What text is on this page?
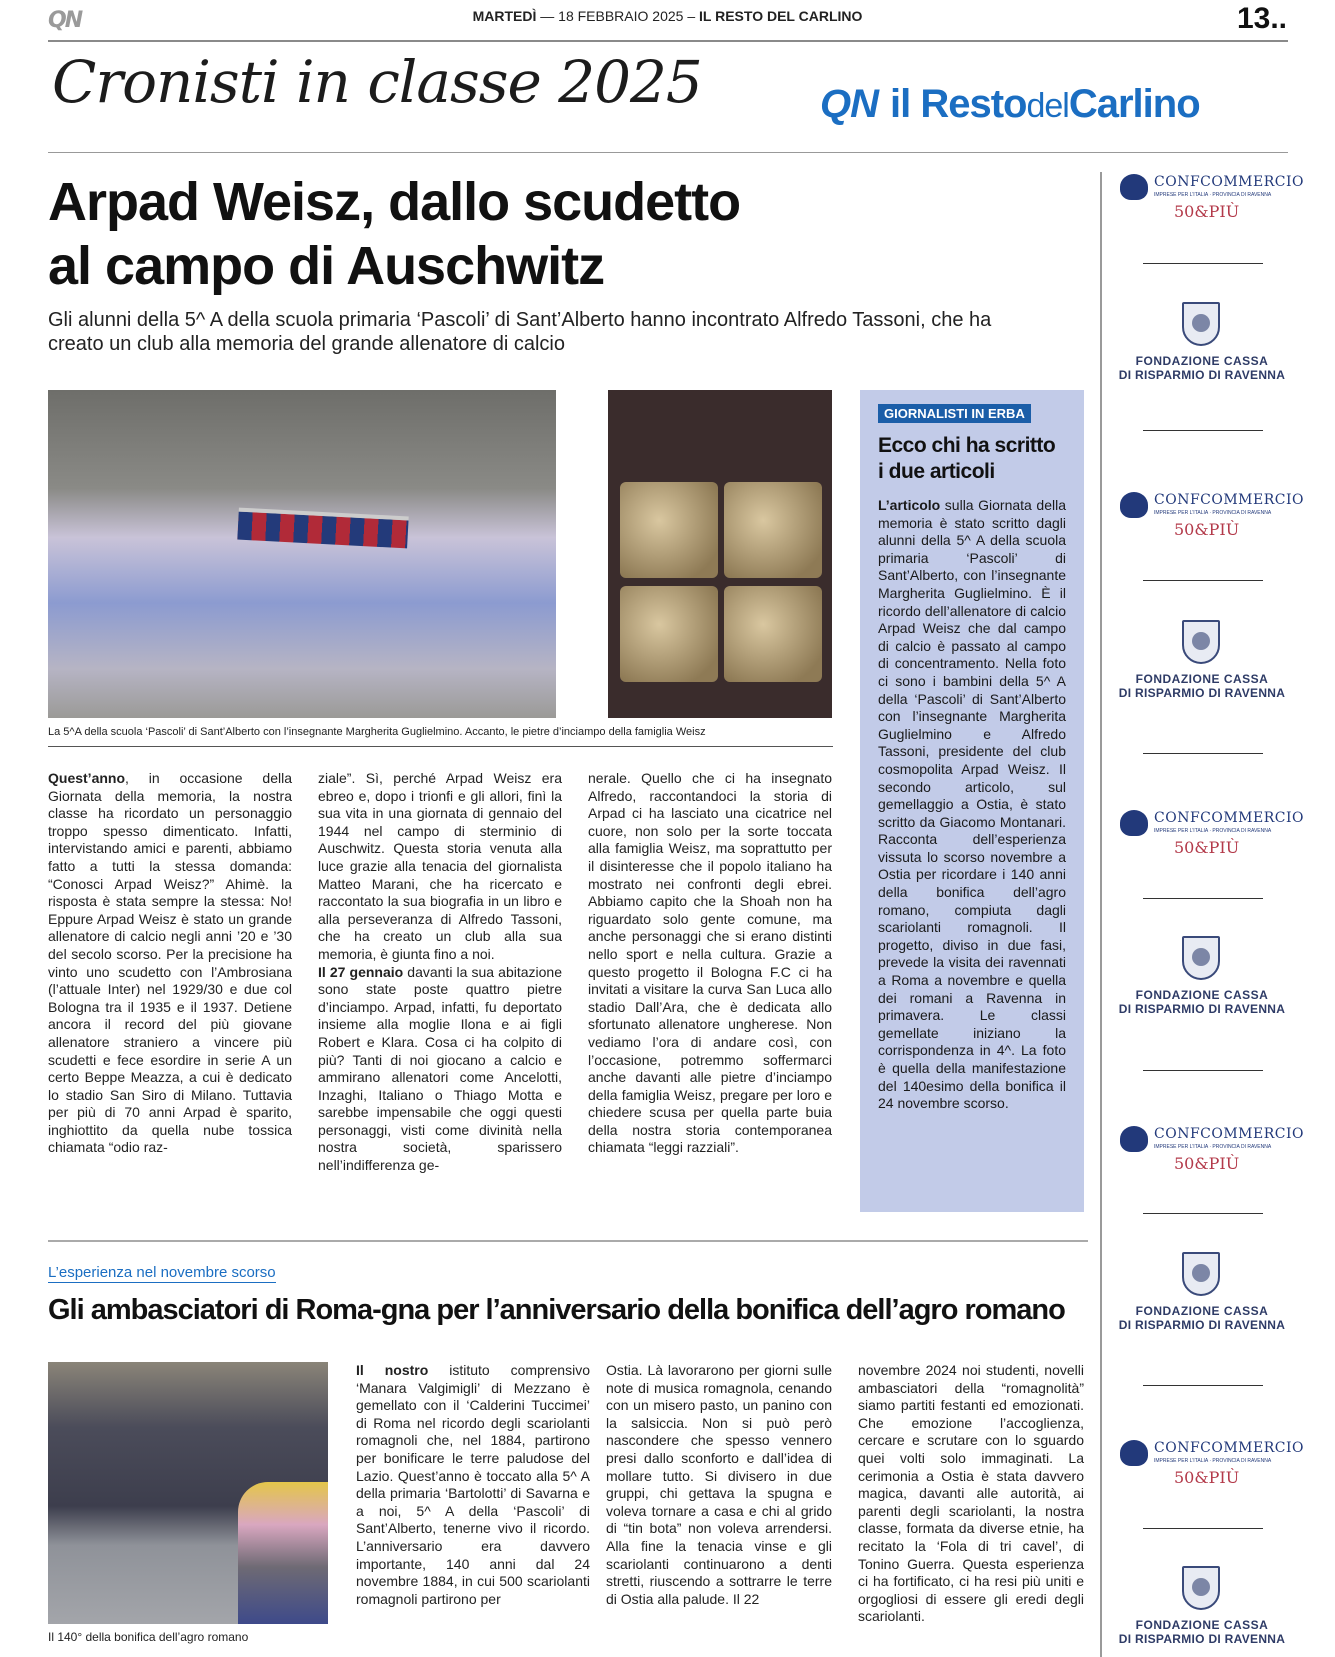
QN	MARTEDÌ — 18 FEBBRAIO 2025 – IL RESTO DEL CARLINO	13..
Cronisti in classe 2025	QN il RestodelCarlino
Arpad Weisz, dallo scudetto
al campo di Auschwitz
Gli alunni della 5^ A della scuola primaria ‘Pascoli’ di Sant’Alberto hanno incontrato Alfredo Tassoni, che ha creato un club alla memoria del grande allenatore di calcio
La 5^A della scuola ‘Pascoli’ di Sant’Alberto con l’insegnante Margherita Guglielmino. Accanto, le pietre d’inciampo della famiglia Weisz
Quest’anno, in occasione della Giornata della memoria, la nostra classe ha ricordato un personaggio troppo spesso dimenticato. Infatti, intervistando amici e parenti, abbiamo fatto a tutti la stessa domanda: “Conosci Arpad Weisz?” Ahimè. la risposta è stata sempre la stessa: No! Eppure Arpad Weisz è stato un grande allenatore di calcio negli anni ’20 e ’30 del secolo scorso. Per la precisione ha vinto uno scudetto con l’Ambrosiana (l’attuale Inter) nel 1929/30 e due col Bologna tra il 1935 e il 1937. Detiene ancora il record del più giovane allenatore straniero a vincere più scudetti e fece esordire in serie A un certo Beppe Meazza, a cui è dedicato lo stadio San Siro di Milano. Tuttavia per più di 70 anni Arpad è sparito, inghiottito da quella nube tossica chiamata “odio raz-
ziale”. Sì, perché Arpad Weisz era ebreo e, dopo i trionfi e gli allori, finì la sua vita in una giornata di gennaio del 1944 nel campo di sterminio di Auschwitz. Questa storia venuta alla luce grazie alla tenacia del giornalista Matteo Marani, che ha ricercato e raccontato la sua biografia in un libro e alla perseveranza di Alfredo Tassoni, che ha creato un club alla sua memoria, è giunta fino a noi.
Il 27 gennaio davanti la sua abitazione sono state poste quattro pietre d’inciampo. Arpad, infatti, fu deportato insieme alla moglie Ilona e ai figli Robert e Klara. Cosa ci ha colpito di più? Tanti di noi giocano a calcio e ammirano allenatori come Ancelotti, Inzaghi, Italiano o Thiago Motta e sarebbe impensabile che oggi questi personaggi, visti come divinità nella nostra società, sparissero nell’indifferenza ge-
nerale. Quello che ci ha insegnato Alfredo, raccontandoci la storia di Arpad ci ha lasciato una cicatrice nel cuore, non solo per la sorte toccata alla famiglia Weisz, ma soprattutto per il disinteresse che il popolo italiano ha mostrato nei confronti degli ebrei. Abbiamo capito che la Shoah non ha riguardato solo gente comune, ma anche personaggi che si erano distinti nello sport e nella cultura. Grazie a questo progetto il Bologna F.C ci ha invitati a visitare la curva San Luca allo stadio Dall’Ara, che è dedicata allo sfortunato allenatore ungherese. Non vediamo l’ora di andare così, con l’occasione, potremmo soffermarci anche davanti alle pietre d’inciampo della famiglia Weisz, pregare per loro e chiedere scusa per quella parte buia della nostra storia contemporanea chiamata “leggi razziali”.
GIORNALISTI IN ERBA
Ecco chi ha scritto
i due articoli
L’articolo sulla Giornata della memoria è stato scritto dagli alunni della 5^ A della scuola primaria ‘Pascoli’ di Sant’Alberto, con l’insegnante Margherita Guglielmino. È il ricordo dell’allenatore di calcio Arpad Weisz che dal campo di calcio è passato al campo di concentramento. Nella foto ci sono i bambini della 5^ A della ‘Pascoli’ di Sant’Alberto con l’insegnante Margherita Guglielmino e Alfredo Tassoni, presidente del club cosmopolita Arpad Weisz. Il secondo articolo, sul gemellaggio a Ostia, è stato scritto da Giacomo Montanari. Racconta dell’esperienza vissuta lo scorso novembre a Ostia per ricordare i 140 anni della bonifica dell’agro romano, compiuta dagli scariolanti romagnoli. Il progetto, diviso in due fasi, prevede la visita dei ravennati a Roma a novembre e quella dei romani a Ravenna in primavera. Le classi gemellate iniziano la corrispondenza in 4^. La foto è quella della manifestazione del 140esimo della bonifica il 24 novembre scorso.
CONFCOMMERCIO
IMPRESE PER L'ITALIA · PROVINCIA DI RAVENNA
50&PIÙ
FONDAZIONE CASSA
DI RISPARMIO DI RAVENNA
CONFCOMMERCIO
IMPRESE PER L'ITALIA · PROVINCIA DI RAVENNA
50&PIÙ
FONDAZIONE CASSA
DI RISPARMIO DI RAVENNA
CONFCOMMERCIO
IMPRESE PER L'ITALIA · PROVINCIA DI RAVENNA
50&PIÙ
FONDAZIONE CASSA
DI RISPARMIO DI RAVENNA
CONFCOMMERCIO
IMPRESE PER L'ITALIA · PROVINCIA DI RAVENNA
50&PIÙ
FONDAZIONE CASSA
DI RISPARMIO DI RAVENNA
CONFCOMMERCIO
IMPRESE PER L'ITALIA · PROVINCIA DI RAVENNA
50&PIÙ
FONDAZIONE CASSA
DI RISPARMIO DI RAVENNA
L’esperienza nel novembre scorso
Gli ambasciatori di Roma-gna per l’anniversario della bonifica dell’agro romano
Il 140° della bonifica dell’agro romano
Il nostro istituto comprensivo ‘Manara Valgimigli’ di Mezzano è gemellato con il ‘Calderini Tuccimei’ di Roma nel ricordo degli scariolanti romagnoli che, nel 1884, partirono per bonificare le terre paludose del Lazio. Quest’anno è toccato alla 5^ A della primaria ‘Bartolotti’ di Savarna e a noi, 5^ A della ‘Pascoli’ di Sant’Alberto, tenerne vivo il ricordo. L’anniversario era davvero importante, 140 anni dal 24 novembre 1884, in cui 500 scariolanti romagnoli partirono per
Ostia. Là lavorarono per giorni sulle note di musica romagnola, cenando con un misero pasto, un panino con la salsiccia. Non si può però nascondere che spesso vennero presi dallo sconforto e dall’idea di mollare tutto. Si divisero in due gruppi, chi gettava la spugna e voleva tornare a casa e chi al grido di “tin bota” non voleva arrendersi. Alla fine la tenacia vinse e gli scariolanti continuarono a denti stretti, riuscendo a sottrarre le terre di Ostia alla palude. Il 22
novembre 2024 noi studenti, novelli ambasciatori della “romagnolità” siamo partiti festanti ed emozionati. Che emozione l’accoglienza, cercare e scrutare con lo sguardo quei volti solo immaginati. La cerimonia a Ostia è stata davvero magica, davanti alle autorità, ai parenti degli scariolanti, la nostra classe, formata da diverse etnie, ha recitato la ‘Fola di tri cavel’, di Tonino Guerra. Questa esperienza ci ha fortificato, ci ha resi più uniti e orgogliosi di essere gli eredi degli scariolanti.
